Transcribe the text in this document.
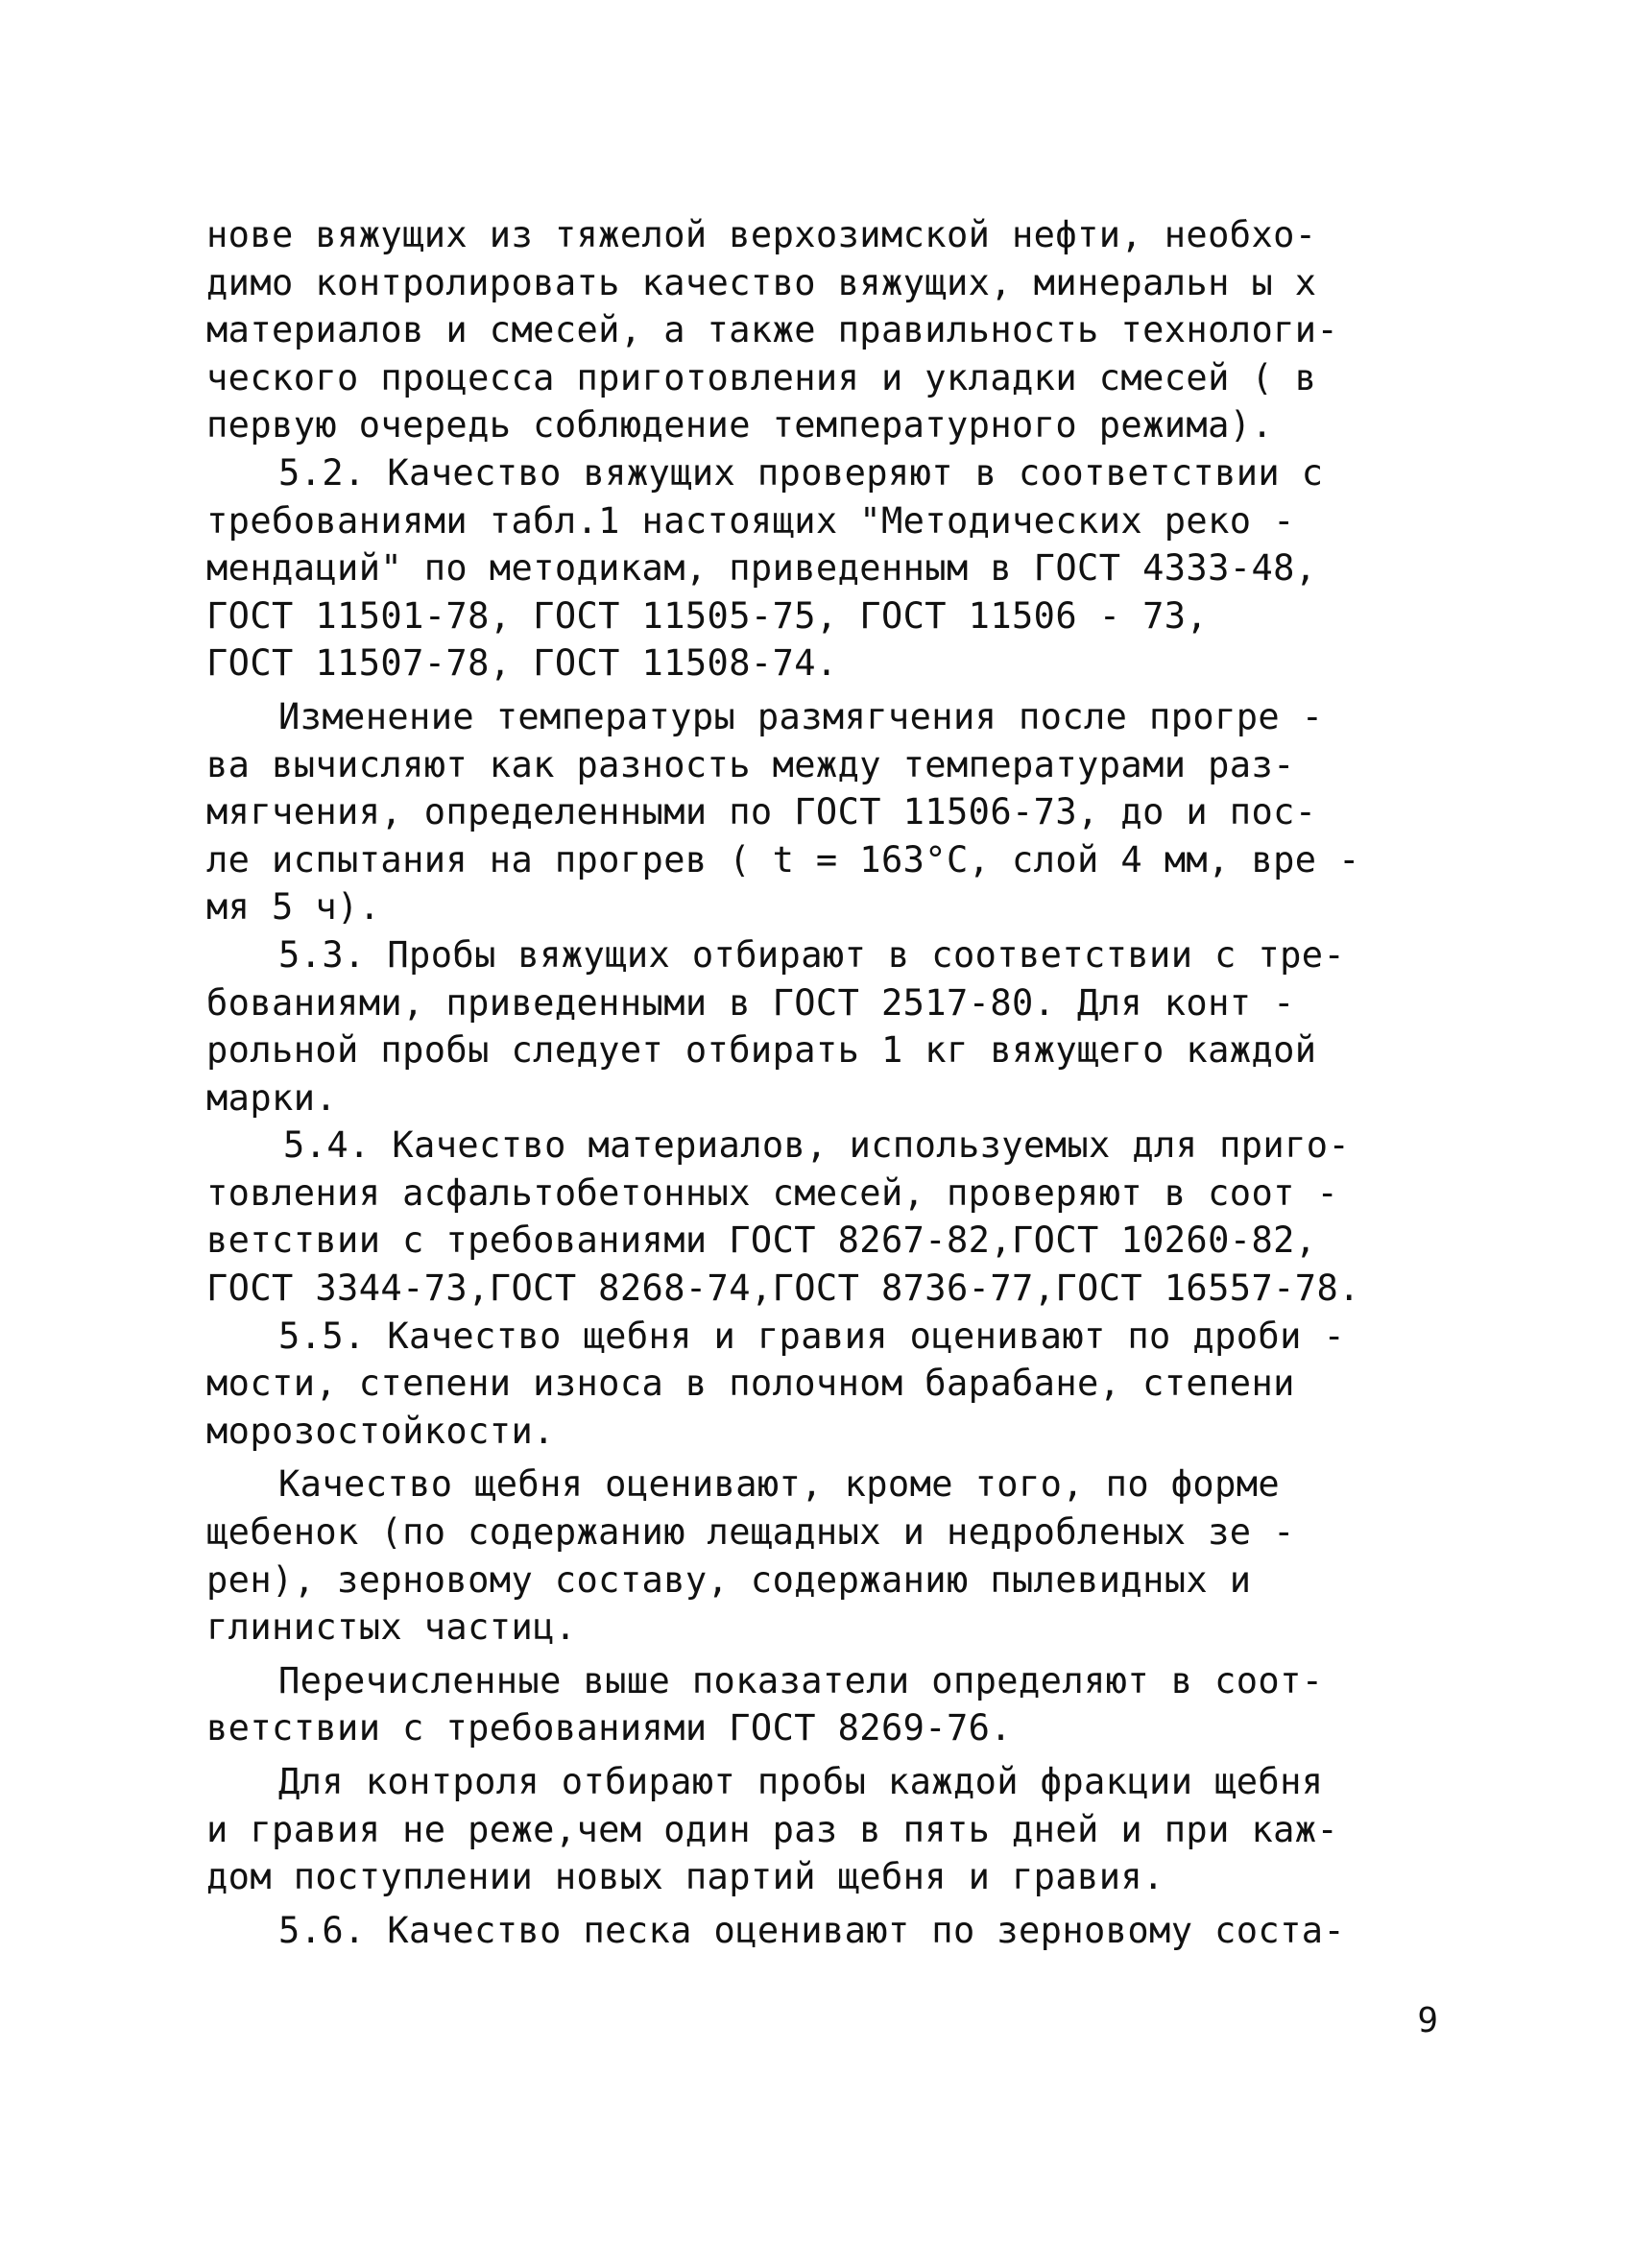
нове вяжущих из тяжелой верхозимской нефти, необхо-
димо контролировать качество вяжущих, минеральн ы х
материалов и смесей, а также правильность технологи-
ческого процесса приготовления и укладки смесей ( в
первую очередь соблюдение температурного режима).
5.2. Качество вяжущих проверяют в соответствии с
требованиями табл.1 настоящих "Методических реко -
мендаций" по методикам, приведенным в ГОСТ 4333-48,
ГОСТ 11501-78, ГОСТ 11505-75, ГОСТ 11506 - 73,
ГОСТ 11507-78, ГОСТ 11508-74.
Изменение температуры размягчения после прогре -
ва вычисляют как разность между температурами раз-
мягчения, определенными по ГОСТ 11506-73, до и пос-
ле испытания на прогрев ( t = 163°С, слой 4 мм, вре -
мя 5 ч).
5.3. Пробы вяжущих отбирают в соответствии с тре-
бованиями, приведенными в ГОСТ 2517-80. Для конт -
рольной пробы следует отбирать 1 кг вяжущего каждой
марки.
5.4. Качество материалов, используемых для приго-
товления асфальтобетонных смесей, проверяют в соот -
ветствии с требованиями ГОСТ 8267-82,ГОСТ 10260-82,
ГОСТ 3344-73,ГОСТ 8268-74,ГОСТ 8736-77,ГОСТ 16557-78.
5.5. Качество щебня и гравия оценивают по дроби -
мости, степени износа в полочном барабане, степени
морозостойкости.
Качество щебня оценивают, кроме того, по форме
щебенок (по содержанию лещадных и недробленых зе -
рен), зерновому составу, содержанию пылевидных и
глинистых частиц.
Перечисленные выше показатели определяют в соот-
ветствии с требованиями ГОСТ 8269-76.
Для контроля отбирают пробы каждой фракции щебня
и гравия не реже,чем один раз в пять дней и при каж-
дом поступлении новых партий щебня и гравия.
5.6. Качество песка оценивают по зерновому соста-
9
